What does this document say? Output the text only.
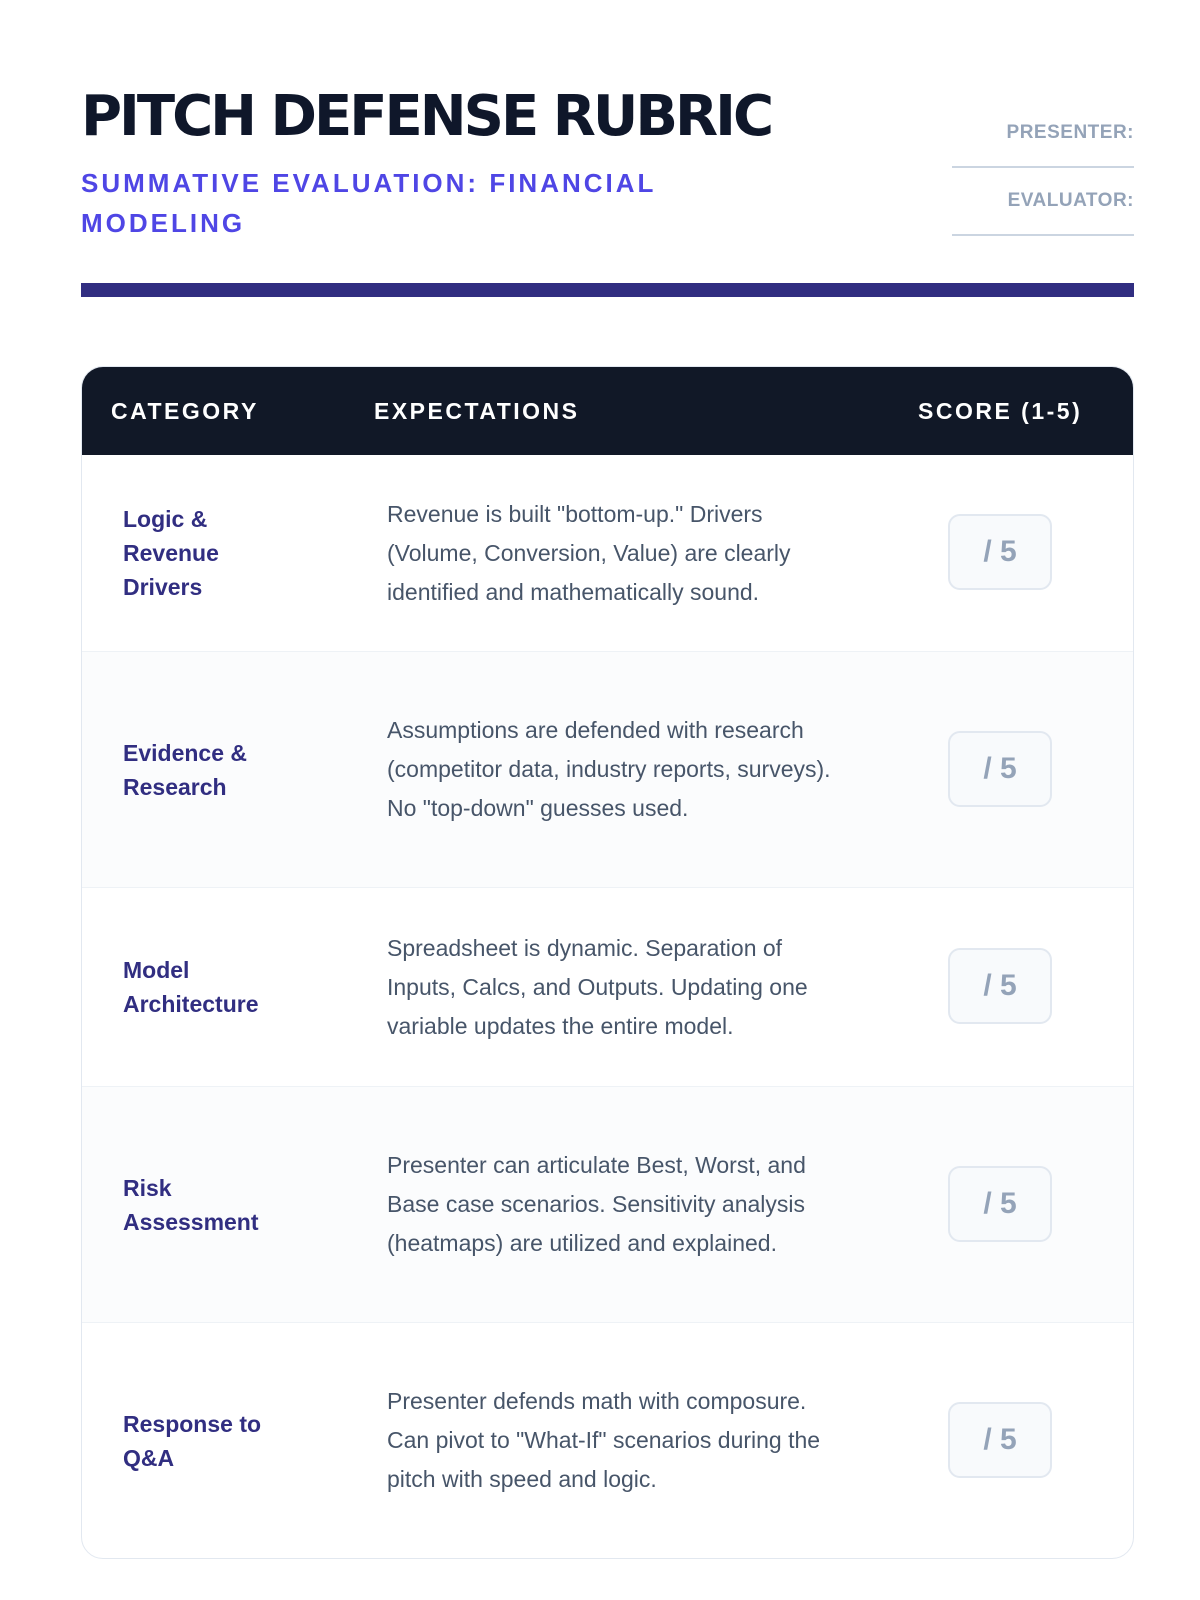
PITCH DEFENSE RUBRIC
SUMMATIVE EVALUATION: FINANCIAL MODELING
PRESENTER:
EVALUATOR:
CATEGORY	EXPECTATIONS	SCORE (1-5)
Logic & Revenue Drivers
Revenue is built "bottom-up." Drivers (Volume, Conversion, Value) are clearly identified and mathematically sound.
/ 5
Evidence & Research
Assumptions are defended with research (competitor data, industry reports, surveys). No "top-down" guesses used.
/ 5
Model Architecture
Spreadsheet is dynamic. Separation of Inputs, Calcs, and Outputs. Updating one variable updates the entire model.
/ 5
Risk Assessment
Presenter can articulate Best, Worst, and Base case scenarios. Sensitivity analysis (heatmaps) are utilized and explained.
/ 5
Response to Q&A
Presenter defends math with composure. Can pivot to "What-If" scenarios during the pitch with speed and logic.
/ 5
